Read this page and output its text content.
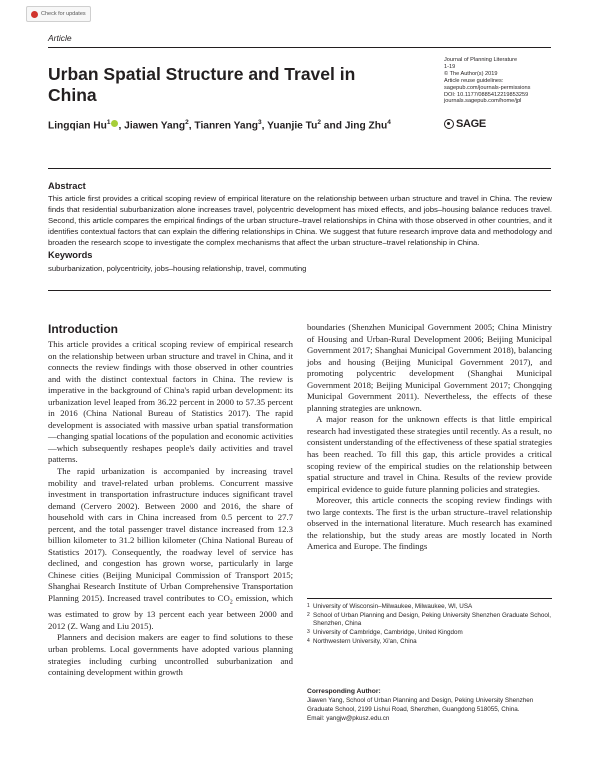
Check for updates
Article
Urban Spatial Structure and Travel in China
Lingqian Hu$^1$ , Jiawen Yang$^2$, Tianren Yang$^3$, Yuanjie Tu$^2$ and Jing Zhu$^4$
Journal of Planning Literature
1-19
© The Author(s) 2019
Article reuse guidelines:
sagepub.com/journals-permissions
DOI: 10.1177/0885412219853259
journals.sagepub.com/home/jpl
SAGE
Abstract
This article first provides a critical scoping review of empirical literature on the relationship between urban structure and travel in China. The review finds that residential suburbanization alone increases travel, polycentric development has mixed effects, and jobs–housing balance reduces travel. Second, this article compares the empirical findings of the urban structure–travel relationships in China with those observed in other countries, and it identifies contextual factors that can explain the differing relationships in China. We suggest that future research improve data and methodology and broaden the research scope to investigate the complex mechanisms that affect the urban structure–travel relationship in China.
Keywords
suburbanization, polycentricity, jobs–housing relationship, travel, commuting
Introduction

This article provides a critical scoping review of empirical research on the relationship between urban structure and travel in China, and it connects the review findings with those observed in other countries and with the distinct contextual factors in China. The review is imperative in the background of China's rapid urban development: its urbanization level leaped from 36.22 percent in 2000 to 57.35 percent in 2016 (China National Bureau of Statistics 2017). The rapid development is associated with massive urban spatial transformation—changing spatial locations of the population and economic activities—which subsequently reshapes people's daily activities and travel patterns.

The rapid urbanization is accompanied by increasing travel mobility and travel-related urban problems. Concurrent massive investment in transportation infrastructure induces significant travel demand (Cervero 2002). Between 2000 and 2016, the share of household with cars in China increased from 0.5 percent to 27.7 percent, and the total passenger travel distance increased from 12.3 billion kilometer to 31.2 billion kilometer (China National Bureau of Statistics 2017). Consequently, the roadway level of service has declined, and congestion has grown worse, particularly in large Chinese cities (Beijing Municipal Commission of Transport 2015; Shanghai Research Institute of Urban Comprehensive Transportation Planning 2015). Increased travel contributes to $CO_2$ emission, which was estimated to grow by 13 percent each year between 2000 and 2012 (Z. Wang and Liu 2015).

Planners and decision makers are eager to find solutions to these urban problems. Local governments have adopted various planning strategies including curbing uncontrolled suburbanization and containing development within growth

boundaries (Shenzhen Municipal Government 2005; China Ministry of Housing and Urban-Rural Development 2006; Beijing Municipal Government 2017; Shanghai Municipal Government 2018), balancing jobs and housing (Beijing Municipal Government 2017), and promoting polycentric development (Shanghai Municipal Government 2018; Beijing Municipal Government 2017; Chongqing Municipal Government 2011). Nevertheless, the effects of these planning strategies are unknown.

A major reason for the unknown effects is that little empirical research had investigated these strategies until recently. As a result, no consistent understanding of the effectiveness of these spatial strategies has been reached. To fill this gap, this article provides a critical scoping review of the empirical studies on the relationship between spatial structure and travel in China. Results of the review provide empirical evidence to guide future planning policies and strategies.

Moreover, this article connects the scoping review findings with two large contexts. The first is the urban structure–travel relationship observed in the international literature. Much research has examined the relationship, but the study areas are mostly located in North America and Europe. The findings

1 University of Wisconsin–Milwaukee, Milwaukee, WI, USA
2 School of Urban Planning and Design, Peking University Shenzhen Graduate School, Shenzhen, China
3 University of Cambridge, Cambridge, United Kingdom
4 Northwestern University, Xi'an, China
Corresponding Author:
Jiawen Yang, School of Urban Planning and Design, Peking University Shenzhen Graduate School, 2199 Lishui Road, Shenzhen, Guangdong 518055, China.
Email: yangjw@pkusz.edu.cn
